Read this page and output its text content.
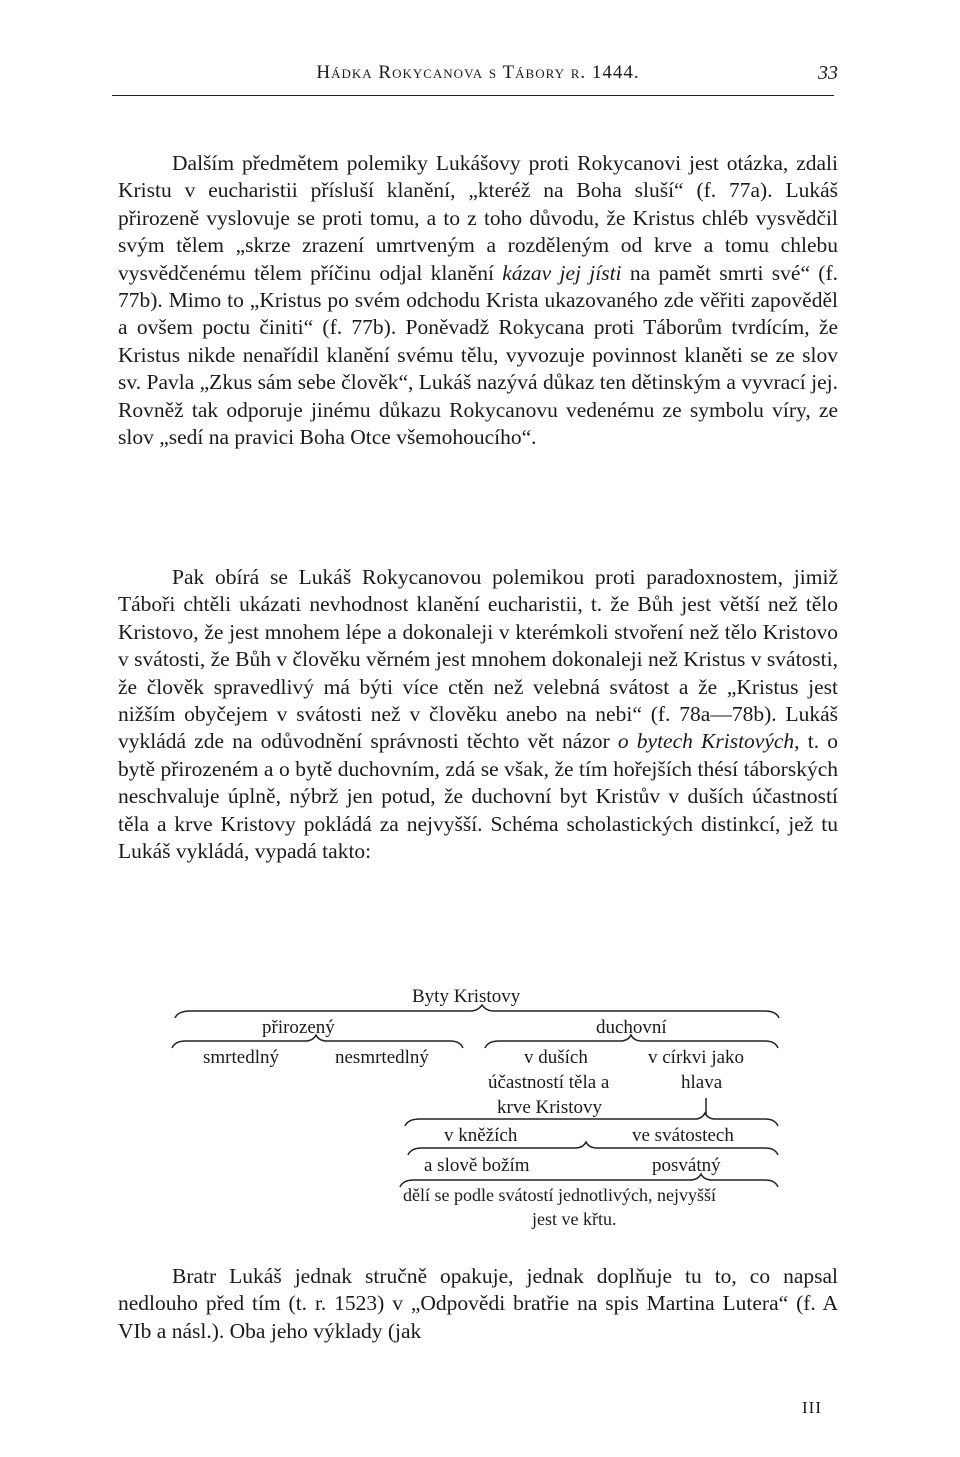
Hádka Rokycanova s Tábory r. 1444.	33
Dalším předmětem polemiky Lukášovy proti Rokycanovi jest otázka, zdali Kristu v eucharistii přísluší klanění, „kteréž na Boha sluší“ (f. 77a). Lukáš přirozeně vyslovuje se proti tomu, a to z toho důvodu, že Kristus chléb vysvědčil svým tělem „skrze zrazení umrtveným a rozděleným od krve a tomu chlebu vysvědčenému tělem příčinu odjal klanění kázav jej jísti na pamět smrti své“ (f. 77b). Mimo to „Kristus po svém odchodu Krista ukazovaného zde věřiti zapověděl a ovšem poctu činiti“ (f. 77b). Poněvadž Rokycana proti Táborům tvrdícím, že Kristus nikde nenařídil klanění svému tělu, vyvozuje povinnost klaněti se ze slov sv. Pavla „Zkus sám sebe člověk“, Lukáš nazývá důkaz ten dětinským a vyvrací jej. Rovněž tak odporuje jinému důkazu Rokycanovu vedenému ze symbolu víry, ze slov „sedí na pravici Boha Otce všemohoucího“.
Pak obírá se Lukáš Rokycanovou polemikou proti paradoxnostem, jimiž Táboři chtěli ukázati nevhodnost klanění eucharistii, t. že Bůh jest větší než tělo Kristovo, že jest mnohem lépe a dokonaleji v kterémkoli stvoření než tělo Kristovo v svátosti, že Bůh v člověku věrném jest mnohem dokonaleji než Kristus v svátosti, že člověk spravedlivý má býti více ctěn než velebná svátost a že „Kristus jest nižším obyčejem v svátosti než v člověku anebo na nebi“ (f. 78a—78b). Lukáš vykládá zde na odůvodnění správnosti těchto vět názor o bytech Kristových, t. o bytě přirozeném a o bytě duchovním, zdá se však, že tím hořejších thésí táborských neschvaluje úplně, nýbrž jen potud, že duchovní byt Kristův v duších účastností těla a krve Kristovy pokládá za nejvyšší. Schéma scholastických distinkcí, jež tu Lukáš vykládá, vypadá takto:
Byty Kristovy
přirozený	duchovní
smrtedlný	nesmrtedlný	v duších
účastností těla a
krve Kristovy
v církvi jako
hlava
v kněžích	ve svátostech
a slově božím	posvátný
dělí se podle svátostí jednotlivých, nejvyšší
jest ve křtu.
Bratr Lukáš jednak stručně opakuje, jednak doplňuje tu to, co napsal nedlouho před tím (t. r. 1523) v „Odpovědi bratřie na spis Martina Lutera“ (f. A VIb a násl.). Oba jeho výklady (jak
III
